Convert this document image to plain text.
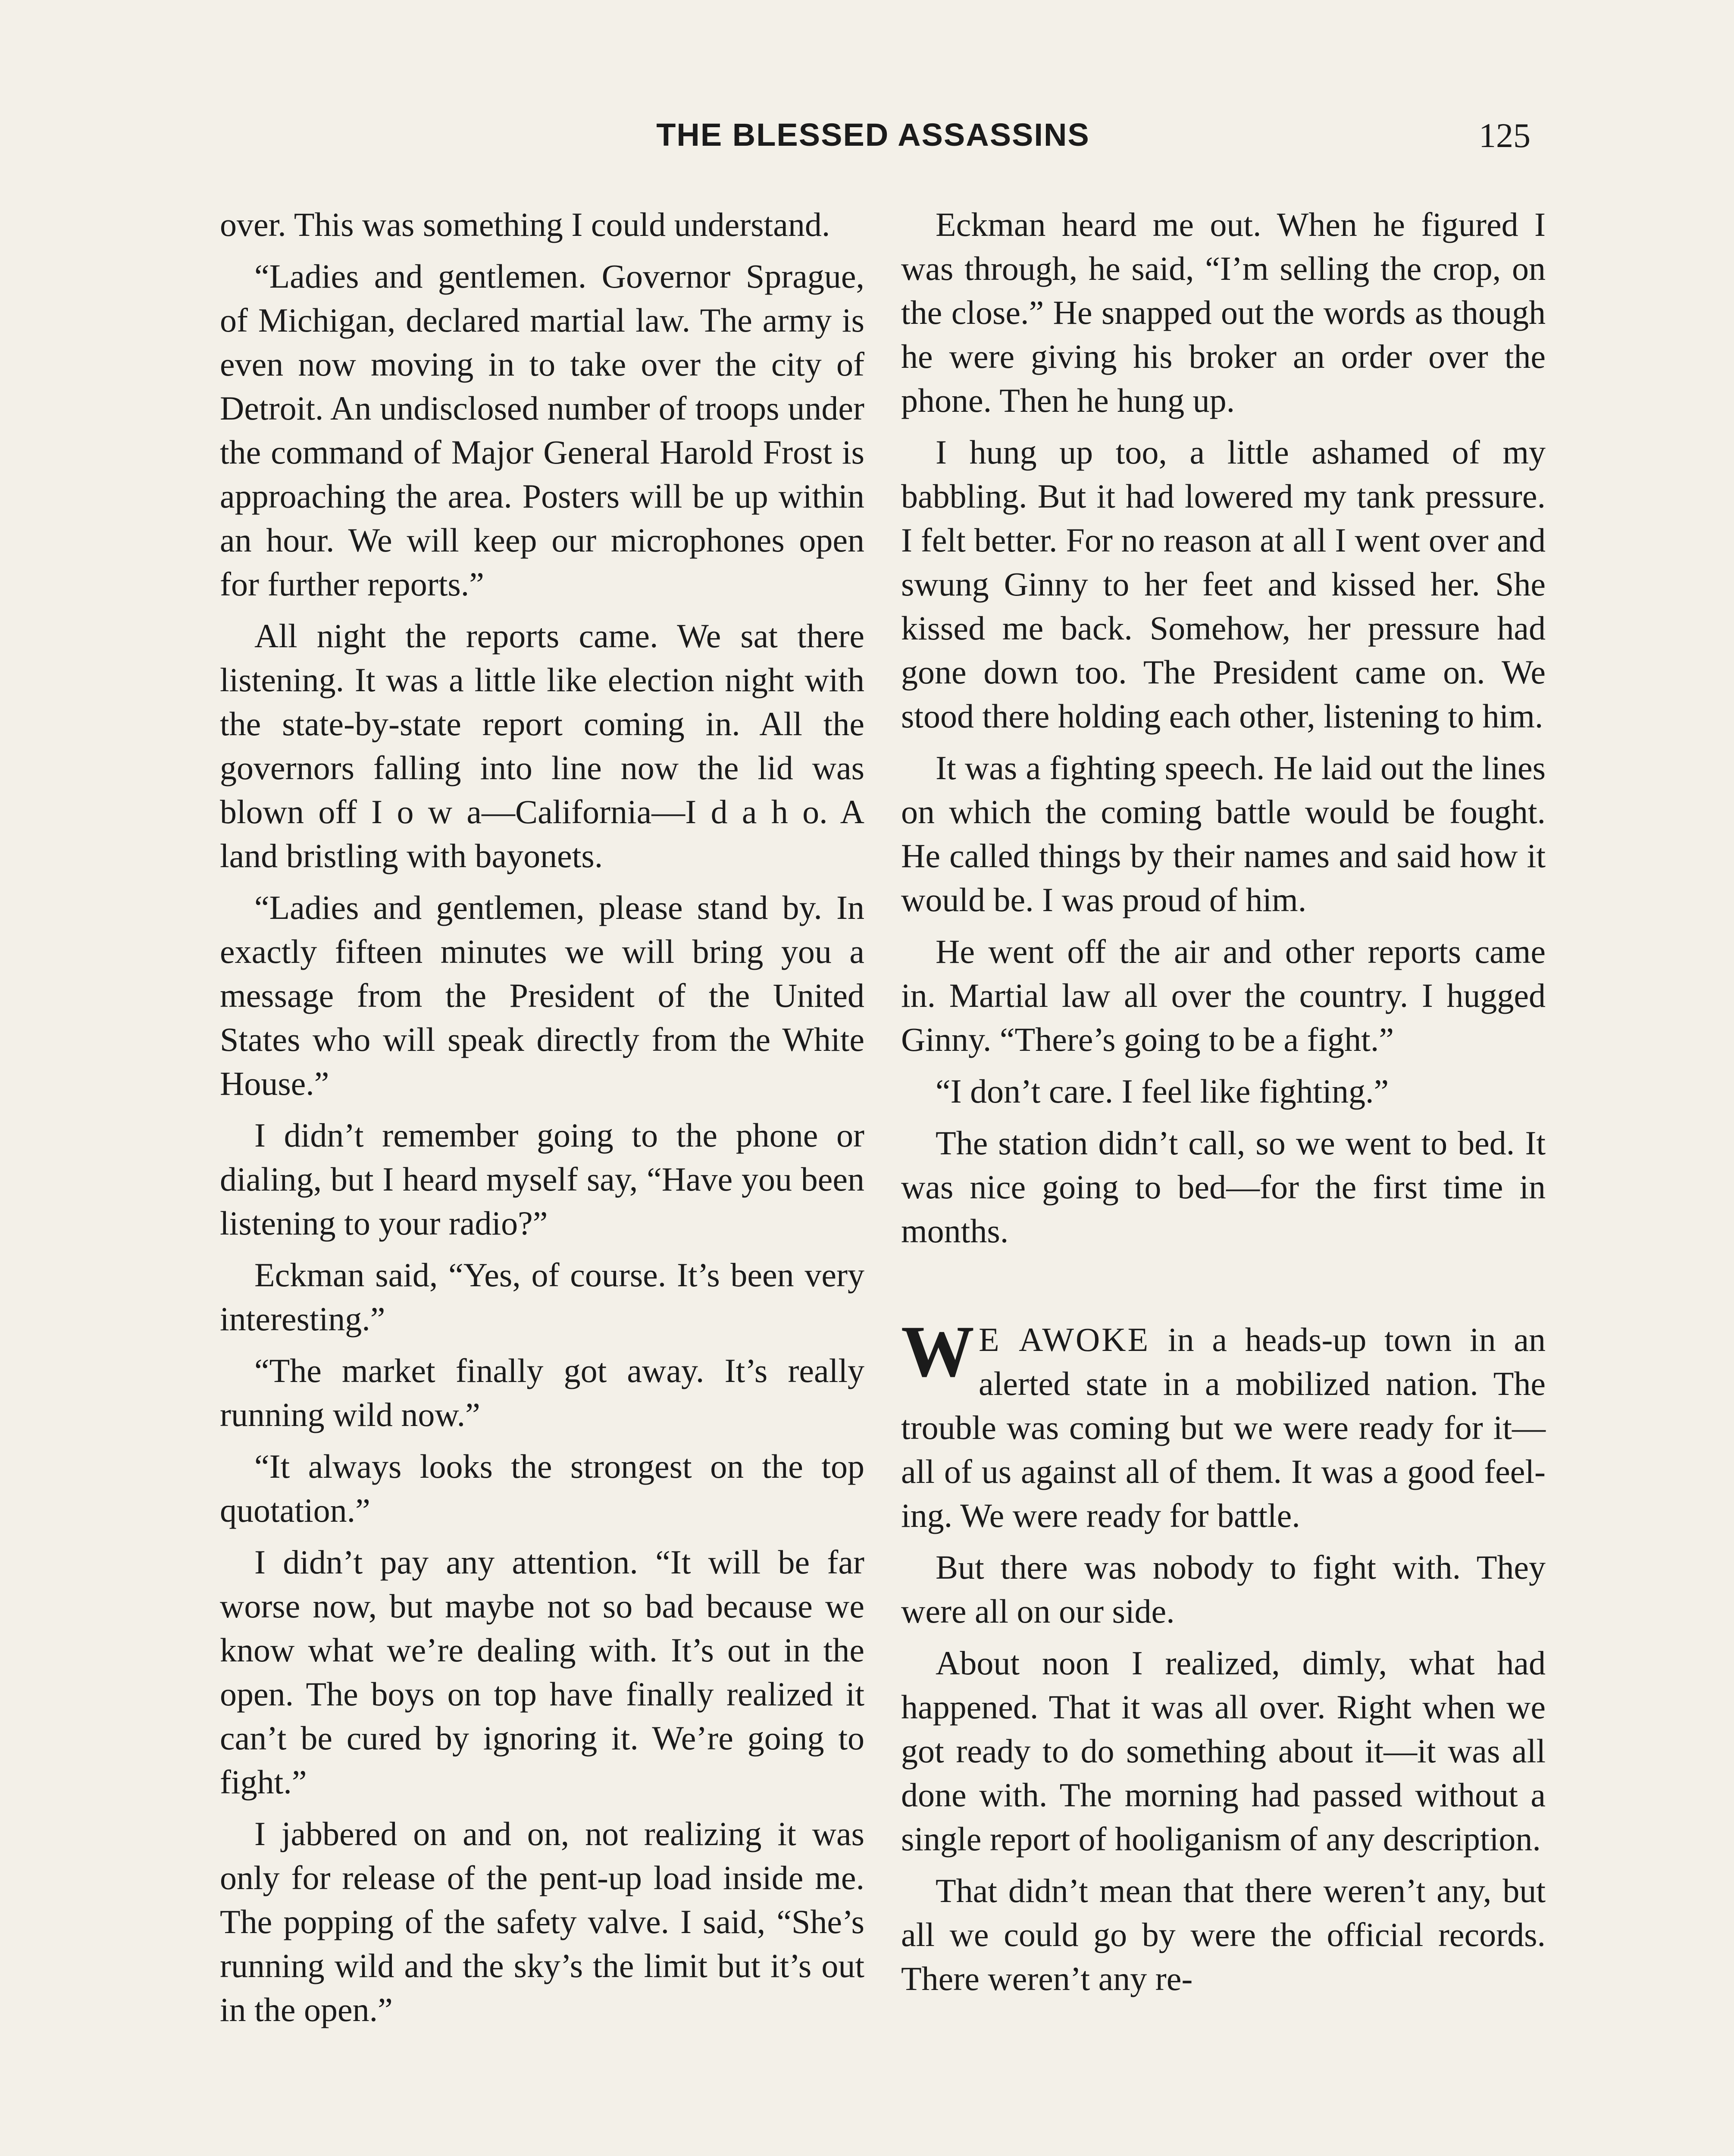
THE BLESSED ASSASSINS	125

over. This was something I could understand.

“Ladies and gentlemen. Governor Sprague, of Michigan, declared martial law. The army is even now moving in to take over the city of Detroit. An undisclosed number of troops under the command of Major General Harold Frost is approaching the area. Posters will be up within an hour. We will keep our microphones open for further reports.”

All night the reports came. We sat there listening. It was a little like election night with the state-by-state report coming in. All the governors falling into line now the lid was blown off I o w a—California—I d a h o. A land bristling with bayonets.

“Ladies and gentlemen, please stand by. In exactly fifteen minutes we will bring you a message from the President of the United States who will speak directly from the White House.”

I didn’t remember going to the phone or dialing, but I heard myself say, “Have you been listening to your radio?”

Eckman said, “Yes, of course. It’s been very interesting.”

“The market finally got away. It’s really running wild now.”

“It always looks the strongest on the top quotation.”

I didn’t pay any attention. “It will be far worse now, but maybe not so bad because we know what we’re dealing with. It’s out in the open. The boys on top have finally realized it can’t be cured by ignoring it. We’re going to fight.”

I jabbered on and on, not realizing it was only for release of the pent-up load inside me. The popping of the safety valve. I said, “She’s running wild and the sky’s the limit but it’s out in the open.”

Eckman heard me out. When he figured I was through, he said, “I’m selling the crop, on the close.” He snapped out the words as though he were giving his broker an order over the phone. Then he hung up.

I hung up too, a little ashamed of my babbling. But it had lowered my tank pressure. I felt better. For no reason at all I went over and swung Ginny to her feet and kissed her. She kissed me back. Somehow, her pressure had gone down too. The President came on. We stood there holding each other, listening to him.

It was a fighting speech. He laid out the lines on which the coming battle would be fought. He called things by their names and said how it would be. I was proud of him.

He went off the air and other reports came in. Martial law all over the country. I hugged Ginny. “There’s going to be a fight.”

“I don’t care. I feel like fighting.”

The station didn’t call, so we went to bed. It was nice going to bed—for the first time in months.

W E AWOKE in a heads-up town in an alerted state in a mobilized nation. The trouble was coming but we were ready for it—all of us against all of them. It was a good feeling. We were ready for battle.

But there was nobody to fight with. They were all on our side.

About noon I realized, dimly, what had happened. That it was all over. Right when we got ready to do something about it—it was all done with. The morning had passed without a single report of hooliganism of any description.

That didn’t mean that there weren’t any, but all we could go by were the official records. There weren’t any re-
